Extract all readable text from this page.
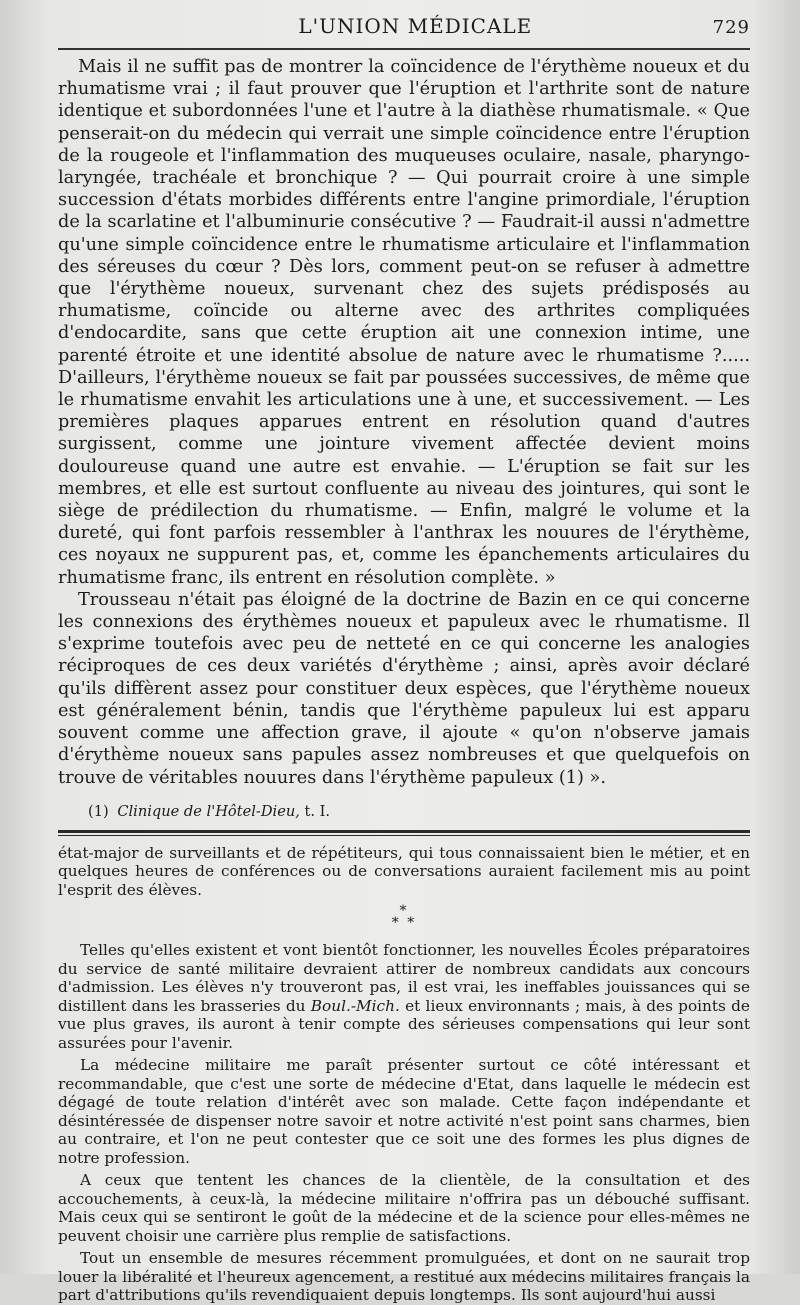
L'UNION MÉDICALE	729

Mais il ne suffit pas de montrer la coïncidence de l'érythème noueux et du rhumatisme vrai ; il faut prouver que l'éruption et l'arthrite sont de nature identique et subordonnées l'une et l'autre à la diathèse rhumatismale. « Que penserait-on du médecin qui verrait une simple coïncidence entre l'éruption de la rougeole et l'inflammation des muqueuses oculaire, nasale, pharyngo-laryngée, trachéale et bronchique ? — Qui pourrait croire à une simple succession d'états morbides différents entre l'angine primordiale, l'éruption de la scarlatine et l'albuminurie consécutive ? — Faudrait-il aussi n'admettre qu'une simple coïncidence entre le rhumatisme articulaire et l'inflammation des séreuses du cœur ? Dès lors, comment peut-on se refuser à admettre que l'érythème noueux, survenant chez des sujets prédisposés au rhumatisme, coïncide ou alterne avec des arthrites compliquées d'endocardite, sans que cette éruption ait une connexion intime, une parenté étroite et une identité absolue de nature avec le rhumatisme ?..... D'ailleurs, l'érythème noueux se fait par poussées successives, de même que le rhumatisme envahit les articulations une à une, et successivement. — Les premières plaques apparues entrent en résolution quand d'autres surgissent, comme une jointure vivement affectée devient moins douloureuse quand une autre est envahie. — L'éruption se fait sur les membres, et elle est surtout confluente au niveau des jointures, qui sont le siège de prédilection du rhumatisme. — Enfin, malgré le volume et la dureté, qui font parfois ressembler à l'anthrax les nouures de l'érythème, ces noyaux ne suppurent pas, et, comme les épanchements articulaires du rhumatisme franc, ils entrent en résolution complète. »

Trousseau n'était pas éloigné de la doctrine de Bazin en ce qui concerne les connexions des érythèmes noueux et papuleux avec le rhumatisme. Il s'exprime toutefois avec peu de netteté en ce qui concerne les analogies réciproques de ces deux variétés d'érythème ; ainsi, après avoir déclaré qu'ils diffèrent assez pour constituer deux espèces, que l'érythème noueux est généralement bénin, tandis que l'érythème papuleux lui est apparu souvent comme une affection grave, il ajoute « qu'on n'observe jamais d'érythème noueux sans papules assez nombreuses et que quelquefois on trouve de véritables nouures dans l'érythème papuleux (1) ».

(1) Clinique de l'Hôtel-Dieu, t. I.

état-major de surveillants et de répétiteurs, qui tous connaissaient bien le métier, et en quelques heures de conférences ou de conversations auraient facilement mis au point l'esprit des élèves.

*
* *

Telles qu'elles existent et vont bientôt fonctionner, les nouvelles Écoles préparatoires du service de santé militaire devraient attirer de nombreux candidats aux concours d'admission. Les élèves n'y trouveront pas, il est vrai, les ineffables jouissances qui se distillent dans les brasseries du Boul.-Mich. et lieux environnants ; mais, à des points de vue plus graves, ils auront à tenir compte des sérieuses compensations qui leur sont assurées pour l'avenir.

La médecine militaire me paraît présenter surtout ce côté intéressant et recommandable, que c'est une sorte de médecine d'Etat, dans laquelle le médecin est dégagé de toute relation d'intérêt avec son malade. Cette façon indépendante et désintéressée de dispenser notre savoir et notre activité n'est point sans charmes, bien au contraire, et l'on ne peut contester que ce soit une des formes les plus dignes de notre profession.

A ceux que tentent les chances de la clientèle, de la consultation et des accouchements, à ceux-là, la médecine militaire n'offrira pas un débouché suffisant. Mais ceux qui se sentiront le goût de la médecine et de la science pour elles-mêmes ne peuvent choisir une carrière plus remplie de satisfactions.

Tout un ensemble de mesures récemment promulguées, et dont on ne saurait trop louer la libéralité et l'heureux agencement, a restitué aux médecins militaires français la part d'attributions qu'ils revendiquaient depuis longtemps. Ils sont aujourd'hui aussi
